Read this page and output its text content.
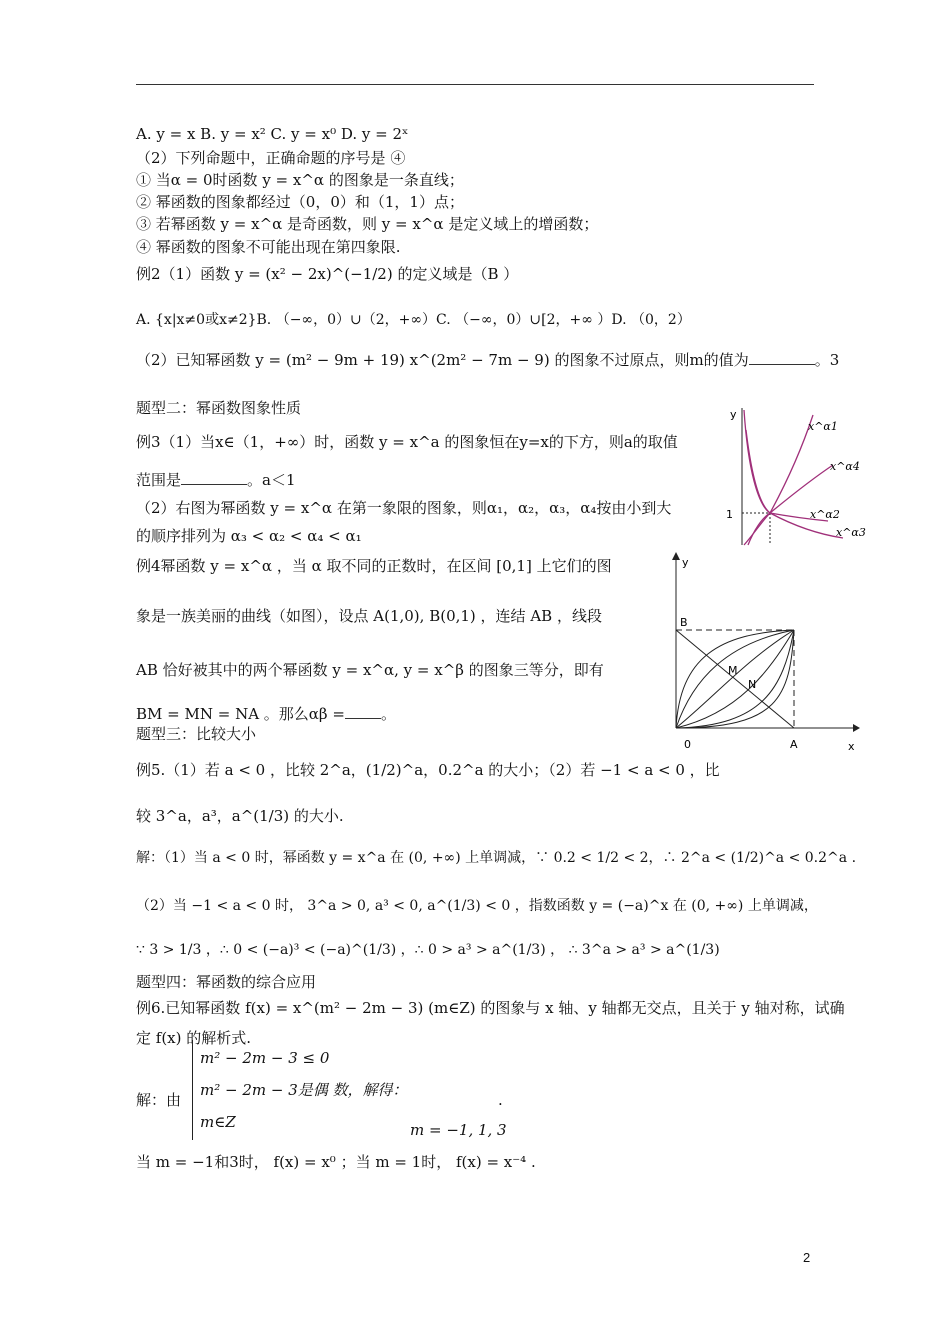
A. y = x B. y = x² C. y = x⁰ D. y = 2ˣ
（2）下列命题中，正确命题的序号是 ④
① 当α = 0时函数 y = x^α 的图象是一条直线；
② 幂函数的图象都经过（0，0）和（1，1）点；
③ 若幂函数 y = x^α 是奇函数，则 y = x^α 是定义域上的增函数；
④ 幂函数的图象不可能出现在第四象限.
例2（1）函数 y = (x² − 2x)^(−1/2) 的定义域是（B ）
A. {x|x≠0或x≠2}B. （−∞，0）∪（2，+∞）C. （−∞，0）∪[2，+∞ ）D. （0，2）
（2）已知幂函数 y = (m² − 9m + 19) x^(2m² − 7m − 9) 的图象不过原点，则m的值为	。3
题型二：幂函数图象性质
例3（1）当x∈（1，+∞）时，函数 y = x^a 的图象恒在y=x的下方，则a的取值
范围是	。a＜1
（2）右图为幂函数 y = x^α 在第一象限的图象，则α₁，α₂，α₃，α₄按由小到大
的顺序排列为 α₃ < α₂ < α₄ < α₁
例4幂函数 y = x^α ，当 α 取不同的正数时，在区间 [0,1] 上它们的图
象是一族美丽的曲线（如图），设点 A(1,0), B(0,1) ，连结 AB ，线段
AB 恰好被其中的两个幂函数 y = x^α, y = x^β 的图象三等分，即有
BM = MN = NA 。那么αβ = 。
题型三：比较大小
例5.（1）若 a < 0 ，比较 2^a，(1/2)^a，0.2^a 的大小；（2）若 −1 < a < 0 ，比
较 3^a，a³，a^(1/3) 的大小.
解：（1）当 a < 0 时，幂函数 y = x^a 在 (0, +∞) 上单调减，∵ 0.2 < 1/2 < 2，∴ 2^a < (1/2)^a < 0.2^a .
（2）当 −1 < a < 0 时， 3^a > 0, a³ < 0, a^(1/3) < 0 ，指数函数 y = (−a)^x 在 (0, +∞) 上单调减，
∵ 3 > 1/3 ，∴ 0 < (−a)³ < (−a)^(1/3) ，∴ 0 > a³ > a^(1/3) ， ∴ 3^a > a³ > a^(1/3)
题型四：幂函数的综合应用
例6.已知幂函数 f(x) = x^(m² − 2m − 3) (m∈Z) 的图象与 x 轴、y 轴都无交点，且关于 y 轴对称，试确
定 f(x) 的解析式.
解：由
m² − 2m − 3 ≤ 0
m² − 2m − 3是偶 数，解得：
m∈Z
.
m = −1, 1, 3
当 m = −1和3时， f(x) = x⁰ ；当 m = 1时， f(x) = x⁻⁴ .
y
1
x^α1
x^α4
x^α2
x^α3
y
x
0	A
B
M
N
2
